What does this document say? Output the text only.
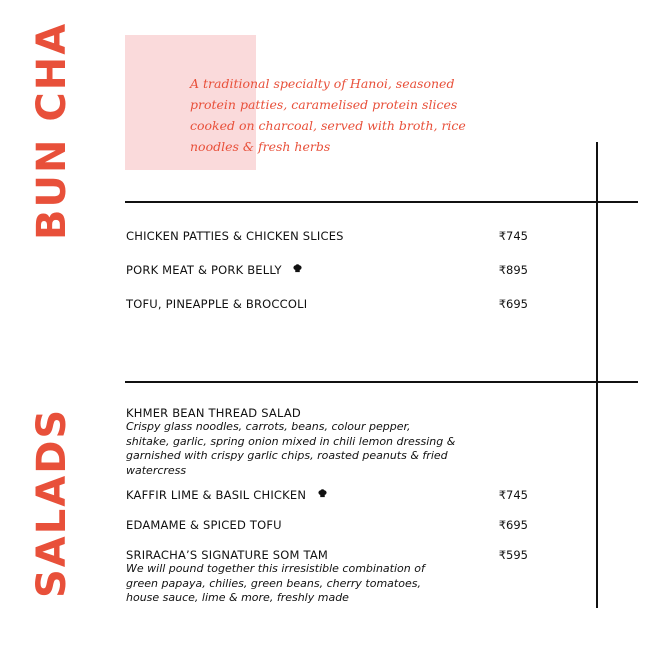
BUN CHA
SALADS
A traditional specialty of Hanoi, seasoned protein patties, caramelised protein slices cooked on charcoal, served with broth, rice noodles & fresh herbs
CHICKEN PATTIES & CHICKEN SLICES	₹745
PORK MEAT & PORK BELLY	₹895
TOFU, PINEAPPLE & BROCCOLI	₹695
KHMER BEAN THREAD SALAD
Crispy glass noodles, carrots, beans, colour pepper, shitake, garlic, spring onion mixed in chili lemon dressing & garnished with crispy garlic chips, roasted peanuts & fried watercress
KAFFIR LIME & BASIL CHICKEN	₹745
EDAMAME & SPICED TOFU	₹695
SRIRACHA’S SIGNATURE SOM TAM	₹595
We will pound together this irresistible combination of green papaya, chilies, green beans, cherry tomatoes, house sauce, lime & more, freshly made
